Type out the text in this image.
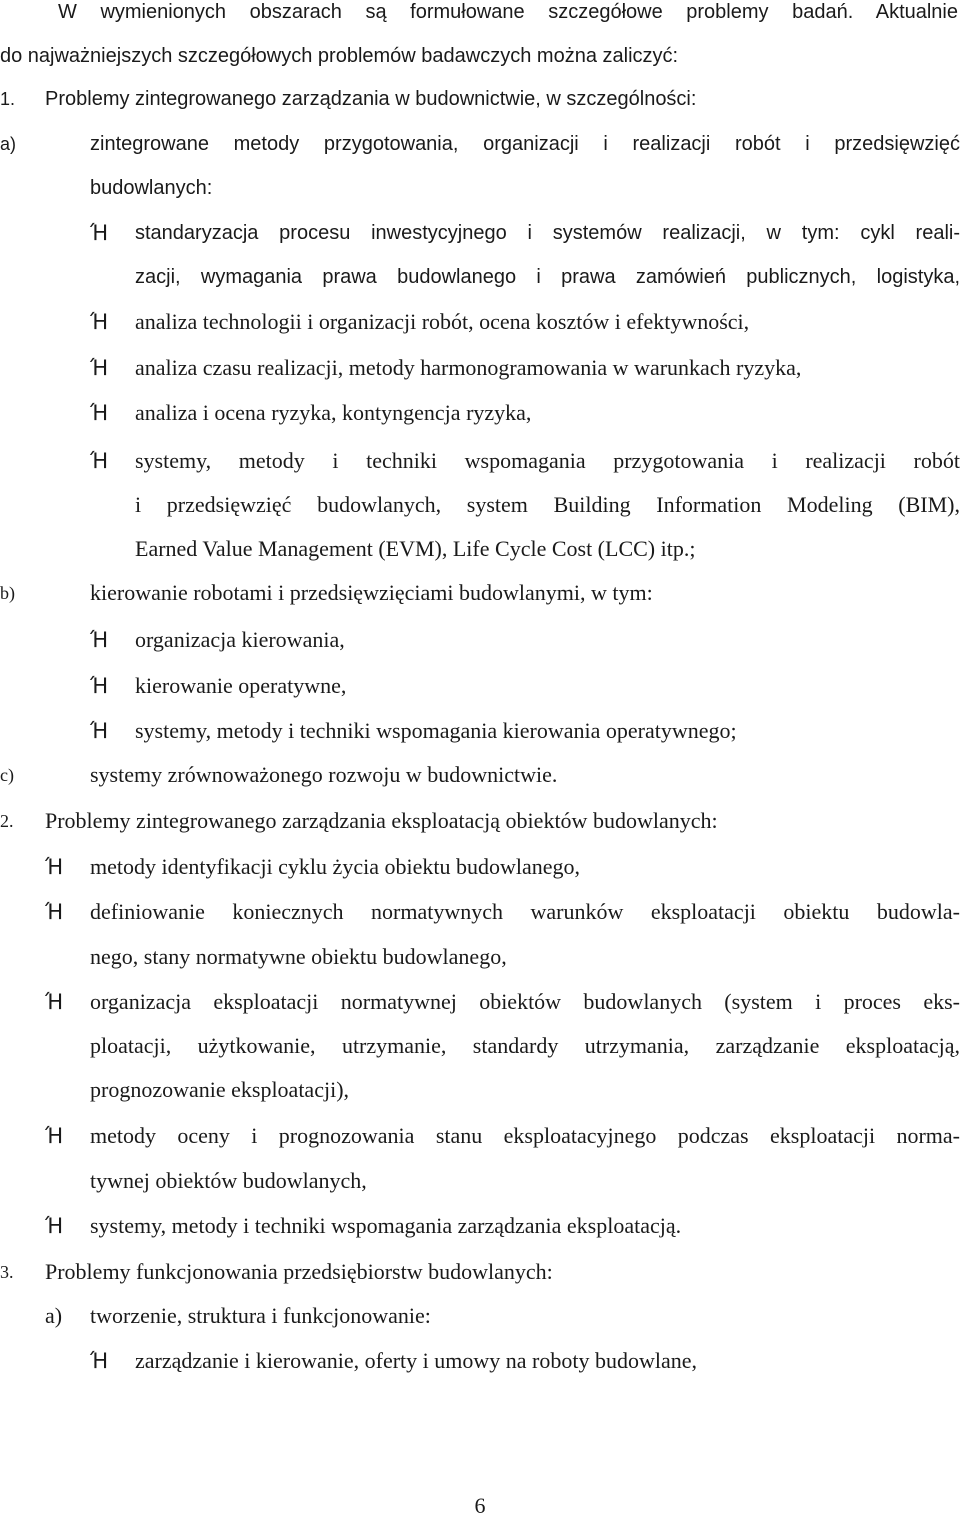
W wymienionych obszarach są formułowane szczegółowe problemy badań. Aktualnie
do najważniejszych szczegółowych problemów badawczych można zaliczyć:
1. Problemy zintegrowanego zarządzania w budownictwie, w szczególności:
a)	zintegrowane metody przygotowania, organizacji i realizacji robót i przedsięwzięć
budowlanych:
Ή standaryzacja procesu inwestycyjnego i systemów realizacji, w tym: cykl reali-
zacji, wymagania prawa budowlanego i prawa zamówień publicznych, logistyka,
Ή analiza technologii i organizacji robót, ocena kosztów i efektywności,
Ή analiza czasu realizacji, metody harmonogramowania w warunkach ryzyka,
Ή analiza i ocena ryzyka, kontyngencja ryzyka,
Ή systemy, metody i techniki wspomagania przygotowania i realizacji robót
i przedsięwzięć budowlanych, system Building Information Modeling (BIM),
Earned Value Management (EVM), Life Cycle Cost (LCC) itp.;
b)	kierowanie robotami i przedsięwzięciami budowlanymi, w tym:
Ή organizacja kierowania,
Ή kierowanie operatywne,
Ή systemy, metody i techniki wspomagania kierowania operatywnego;
c)	systemy zrównoważonego rozwoju w budownictwie.
2. Problemy zintegrowanego zarządzania eksploatacją obiektów budowlanych:
Ή metody identyfikacji cyklu życia obiektu budowlanego,
Ή definiowanie koniecznych normatywnych warunków eksploatacji obiektu budowla-
nego, stany normatywne obiektu budowlanego,
Ή organizacja eksploatacji normatywnej obiektów budowlanych (system i proces eks-
ploatacji, użytkowanie, utrzymanie, standardy utrzymania, zarządzanie eksploatacją,
prognozowanie eksploatacji),
Ή metody oceny i prognozowania stanu eksploatacyjnego podczas eksploatacji norma-
tywnej obiektów budowlanych,
Ή systemy, metody i techniki wspomagania zarządzania eksploatacją.
3. Problemy funkcjonowania przedsiębiorstw budowlanych:
a) tworzenie, struktura i funkcjonowanie:
Ή zarządzanie i kierowanie, oferty i umowy na roboty budowlane,
6
